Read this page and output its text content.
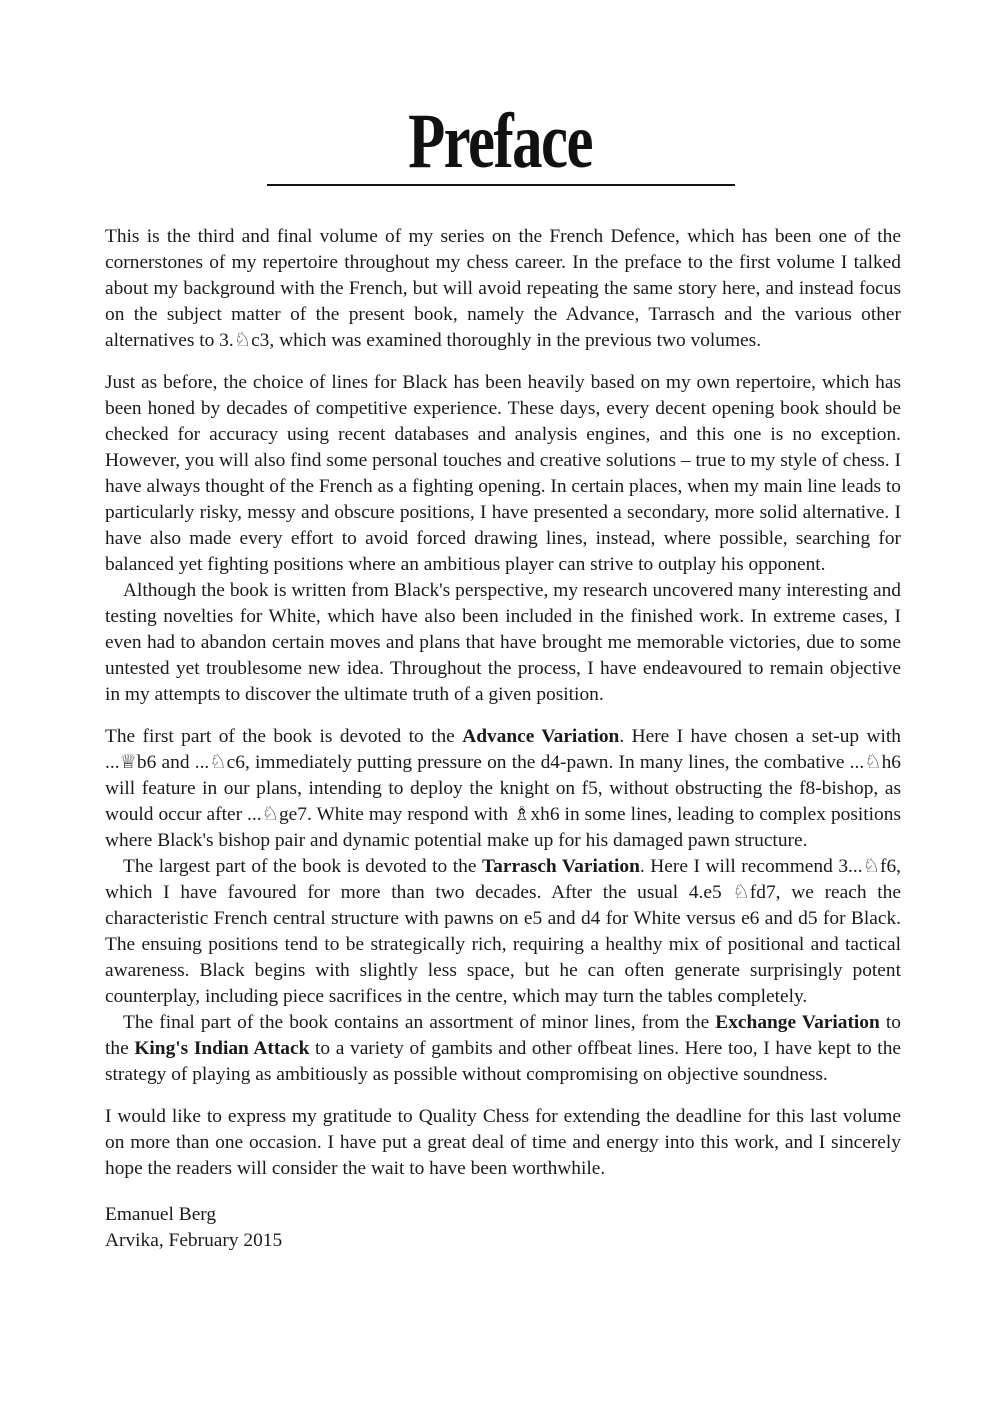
Preface

This is the third and final volume of my series on the French Defence, which has been one of the cornerstones of my repertoire throughout my chess career. In the preface to the first volume I talked about my background with the French, but will avoid repeating the same story here, and instead focus on the subject matter of the present book, namely the Advance, Tarrasch and the various other alternatives to 3.♘c3, which was examined thoroughly in the previous two volumes.

Just as before, the choice of lines for Black has been heavily based on my own repertoire, which has been honed by decades of competitive experience. These days, every decent opening book should be checked for accuracy using recent databases and analysis engines, and this one is no exception. However, you will also find some personal touches and creative solutions – true to my style of chess. I have always thought of the French as a fighting opening. In certain places, when my main line leads to particularly risky, messy and obscure positions, I have presented a secondary, more solid alternative. I have also made every effort to avoid forced drawing lines, instead, where possible, searching for balanced yet fighting positions where an ambitious player can strive to outplay his opponent.

Although the book is written from Black's perspective, my research uncovered many interesting and testing novelties for White, which have also been included in the finished work. In extreme cases, I even had to abandon certain moves and plans that have brought me memorable victories, due to some untested yet troublesome new idea. Throughout the process, I have endeavoured to remain objective in my attempts to discover the ultimate truth of a given position.

The first part of the book is devoted to the Advance Variation. Here I have chosen a set-up with ...♕b6 and ...♘c6, immediately putting pressure on the d4-pawn. In many lines, the combative ...♘h6 will feature in our plans, intending to deploy the knight on f5, without obstructing the f8-bishop, as would occur after ...♘ge7. White may respond with ♗xh6 in some lines, leading to complex positions where Black's bishop pair and dynamic potential make up for his damaged pawn structure.

The largest part of the book is devoted to the Tarrasch Variation. Here I will recommend 3...♘f6, which I have favoured for more than two decades. After the usual 4.e5 ♘fd7, we reach the characteristic French central structure with pawns on e5 and d4 for White versus e6 and d5 for Black. The ensuing positions tend to be strategically rich, requiring a healthy mix of positional and tactical awareness. Black begins with slightly less space, but he can often generate surprisingly potent counterplay, including piece sacrifices in the centre, which may turn the tables completely.

The final part of the book contains an assortment of minor lines, from the Exchange Variation to the King's Indian Attack to a variety of gambits and other offbeat lines. Here too, I have kept to the strategy of playing as ambitiously as possible without compromising on objective soundness.

I would like to express my gratitude to Quality Chess for extending the deadline for this last volume on more than one occasion. I have put a great deal of time and energy into this work, and I sincerely hope the readers will consider the wait to have been worthwhile.

Emanuel Berg
Arvika, February 2015
